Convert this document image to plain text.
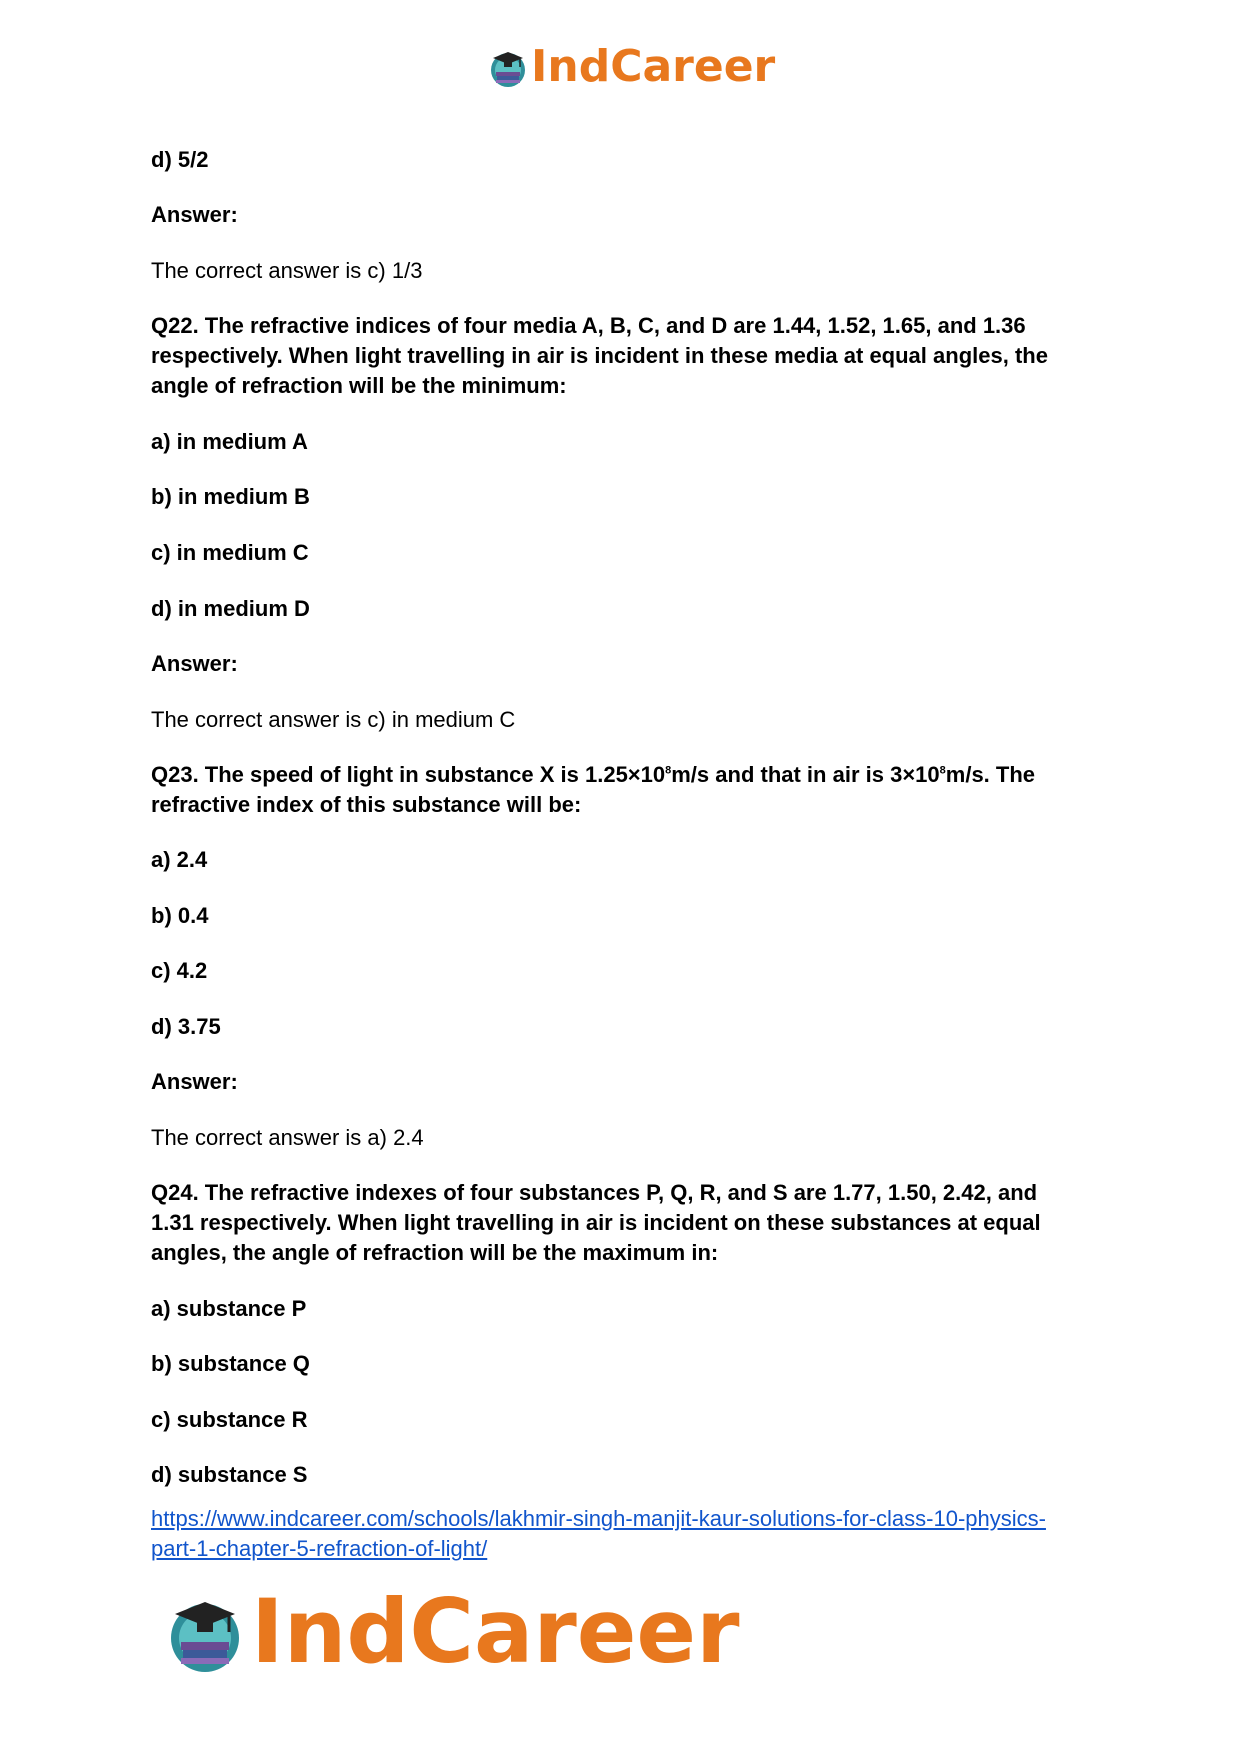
IndCareer
d) 5/2
Answer:
The correct answer is c) 1/3
Q22. The refractive indices of four media A, B, C, and D are 1.44, 1.52, 1.65, and 1.36
respectively. When light travelling in air is incident in these media at equal angles, the
angle of refraction will be the minimum:
a) in medium A
b) in medium B
c) in medium C
d) in medium D
Answer:
The correct answer is c) in medium C
Q23. The speed of light in substance X is $1.25\times 10^8m/s$ and that in air is $3\times 10^8m/s$. The
refractive index of this substance will be:
a) 2.4
b) 0.4
c) 4.2
d) 3.75
Answer:
The correct answer is a) 2.4
Q24. The refractive indexes of four substances P, Q, R, and S are 1.77, 1.50, 2.42, and
1.31 respectively. When light travelling in air is incident on these substances at equal
angles, the angle of refraction will be the maximum in:
a) substance P
b) substance Q
c) substance R
d) substance S
https://www.indcareer.com/schools/lakhmir-singh-manjit-kaur-solutions-for-class-10-physics-
part-1-chapter-5-refraction-of-light/
IndCareer
